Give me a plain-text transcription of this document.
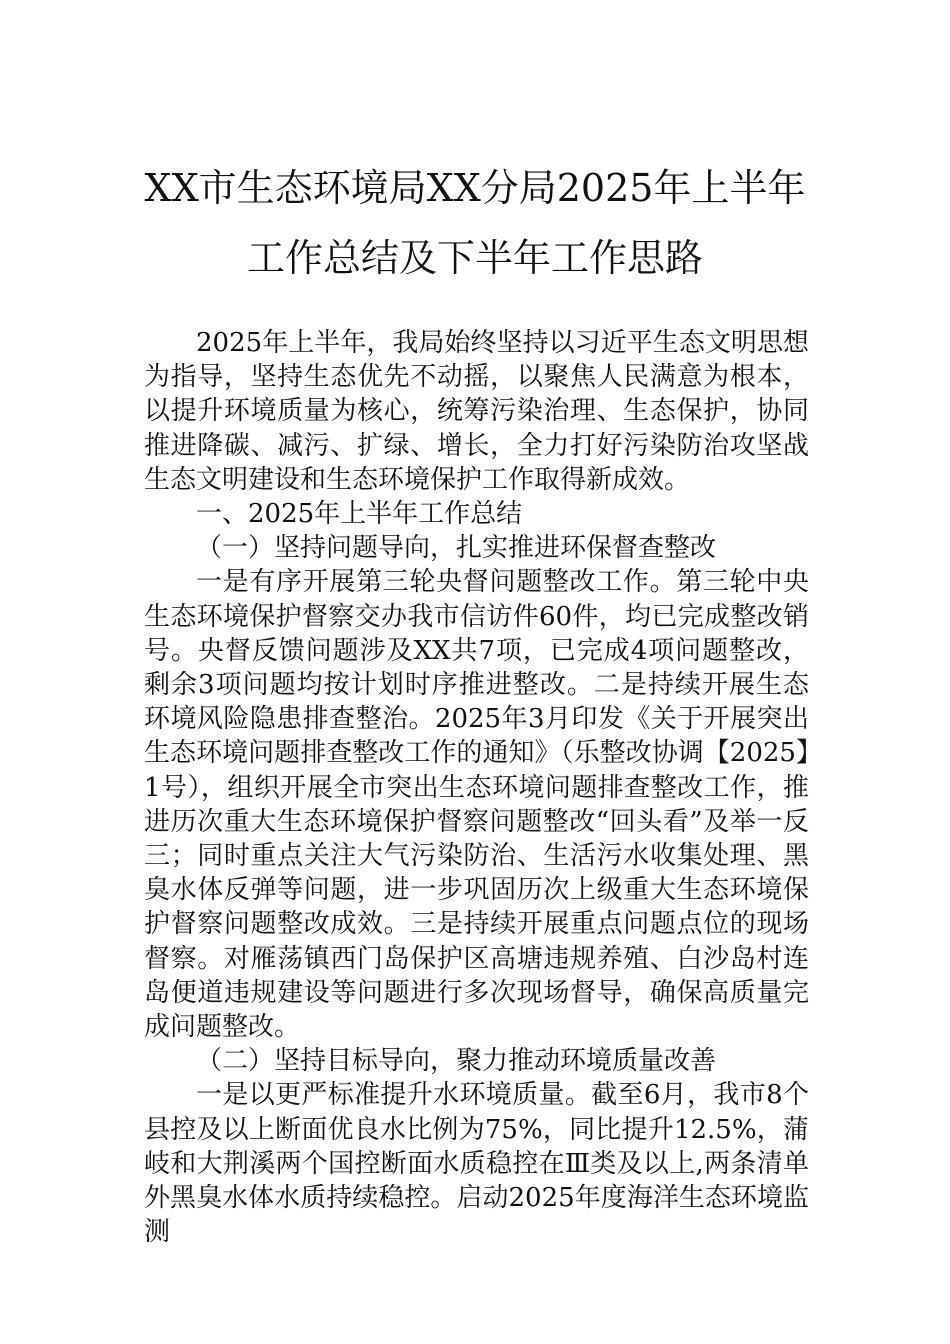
XX市生态环境局XX分局2025年上半年
工作总结及下半年工作思路

2025年上半年，我局始终坚持以习近平生态文明思想为指导，坚持生态优先不动摇，以聚焦人民满意为根本，以提升环境质量为核心，统筹污染治理、生态保护，协同推进降碳、减污、扩绿、增长，全力打好污染防治攻坚战生态文明建设和生态环境保护工作取得新成效。

一、2025年上半年工作总结

（一）坚持问题导向，扎实推进环保督查整改

一是有序开展第三轮央督问题整改工作。第三轮中央生态环境保护督察交办我市信访件60件，均已完成整改销号。央督反馈问题涉及XX共7项，已完成4项问题整改，剩余3项问题均按计划时序推进整改。二是持续开展生态环境风险隐患排查整治。2025年3月印发《关于开展突出生态环境问题排查整改工作的通知》（乐整改协调【2025】1号），组织开展全市突出生态环境问题排查整改工作，推进历次重大生态环境保护督察问题整改“回头看”及举一反三；同时重点关注大气污染防治、生活污水收集处理、黑臭水体反弹等问题，进一步巩固历次上级重大生态环境保护督察问题整改成效。三是持续开展重点问题点位的现场督察。对雁荡镇西门岛保护区高塘违规养殖、白沙岛村连岛便道违规建设等问题进行多次现场督导，确保高质量完成问题整改。

（二）坚持目标导向，聚力推动环境质量改善

一是以更严标准提升水环境质量。截至6月，我市8个县控及以上断面优良水比例为75%，同比提升12.5%，蒲岐和大荆溪两个国控断面水质稳控在Ⅲ类及以上,两条清单外黑臭水体水质持续稳控。启动2025年度海洋生态环境监测
